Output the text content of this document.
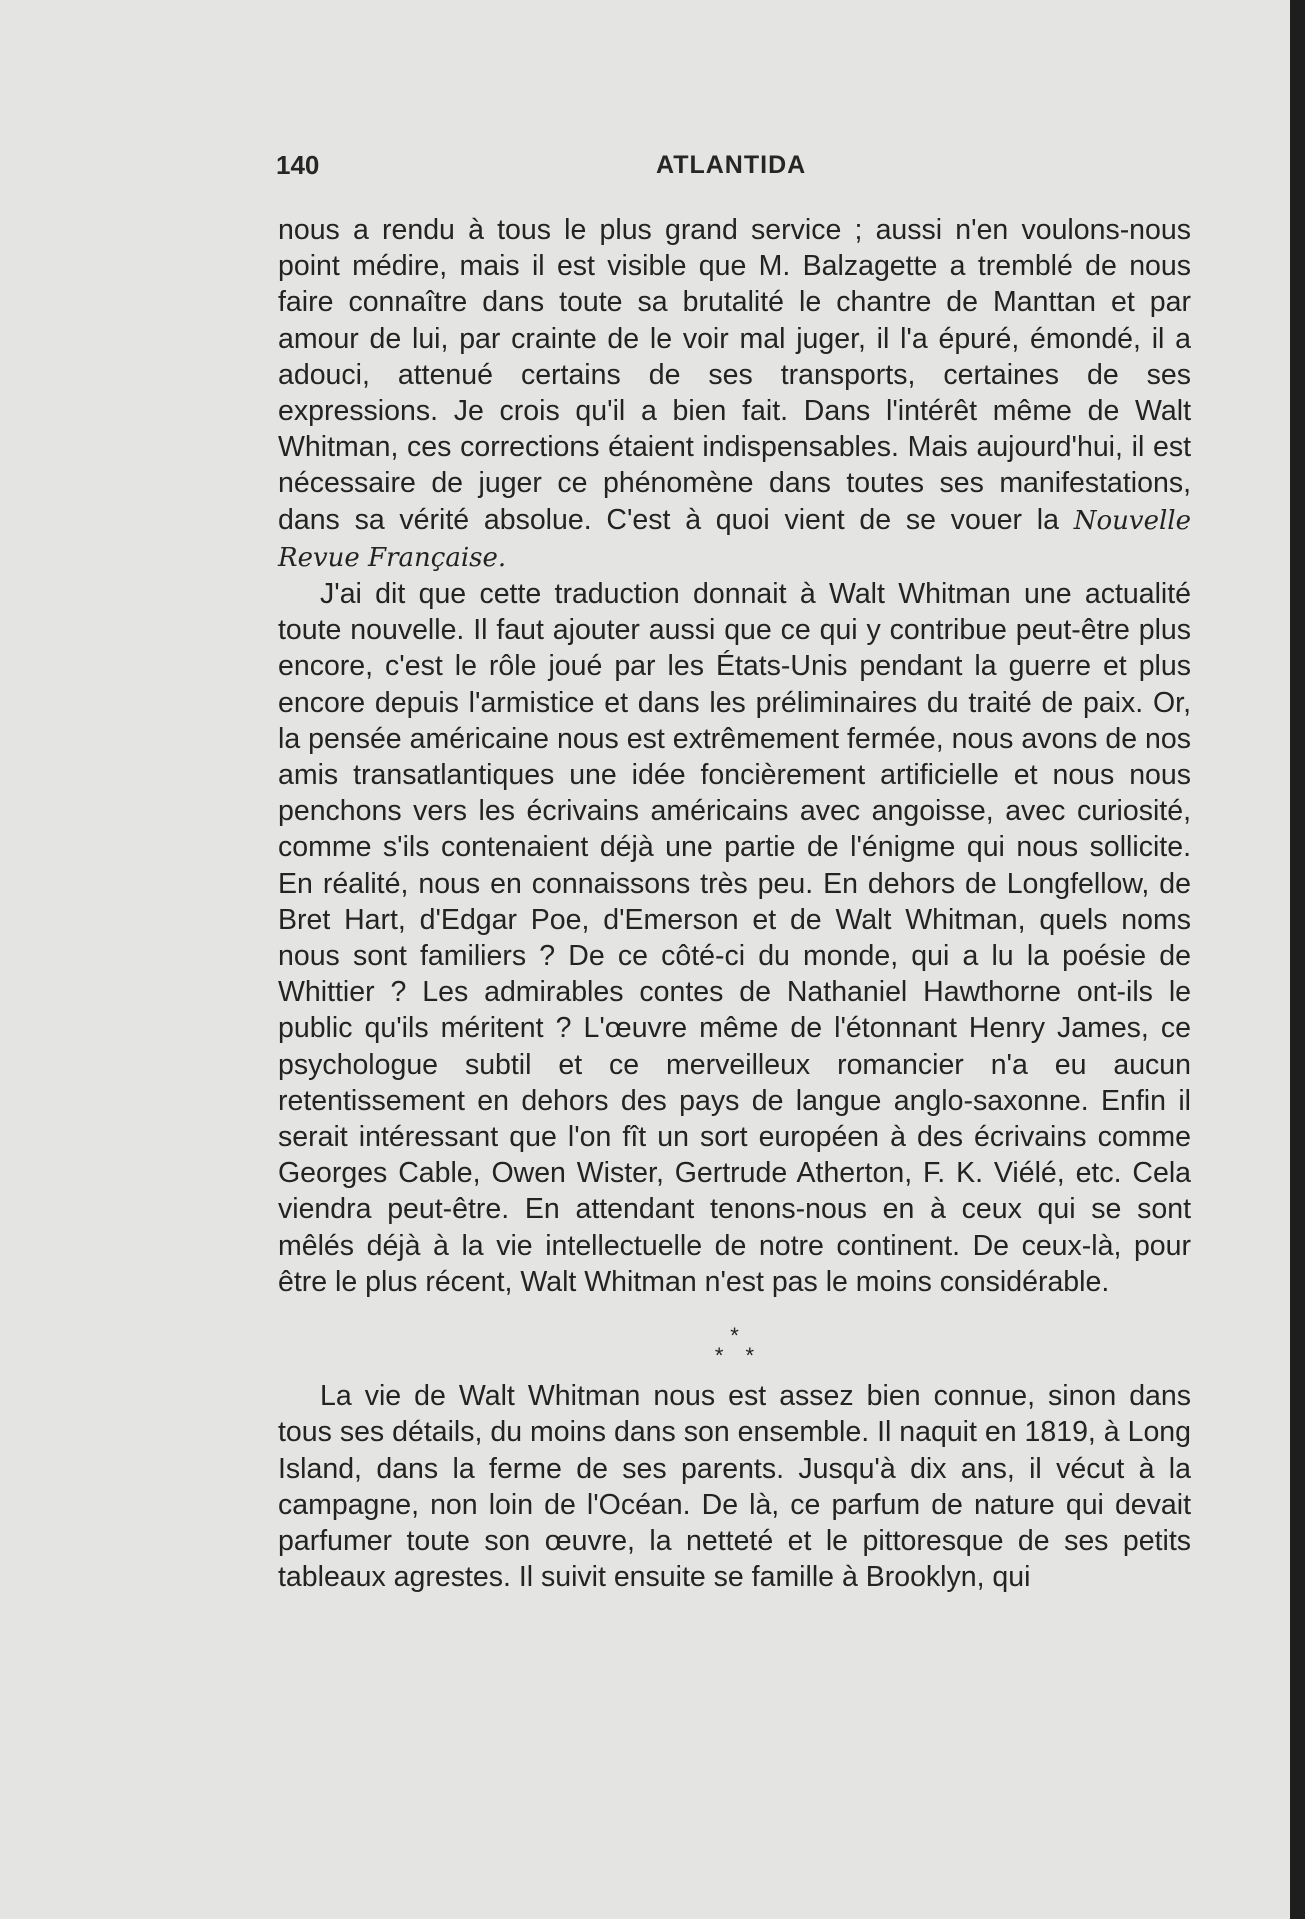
140	ATLANTIDA

nous a rendu à tous le plus grand service ; aussi n'en voulons-nous point médire, mais il est visible que M. Balzagette a tremblé de nous faire connaître dans toute sa brutalité le chantre de Manttan et par amour de lui, par crainte de le voir mal juger, il l'a épuré, émondé, il a adouci, attenué certains de ses transports, certaines de ses expressions. Je crois qu'il a bien fait. Dans l'intérêt même de Walt Whitman, ces corrections étaient indispensables. Mais aujourd'hui, il est nécessaire de juger ce phénomène dans toutes ses manifestations, dans sa vérité absolue. C'est à quoi vient de se vouer la Nouvelle Revue Française.

J'ai dit que cette traduction donnait à Walt Whitman une actualité toute nouvelle. Il faut ajouter aussi que ce qui y contribue peut-être plus encore, c'est le rôle joué par les États-Unis pendant la guerre et plus encore depuis l'armistice et dans les préliminaires du traité de paix. Or, la pensée américaine nous est extrêmement fermée, nous avons de nos amis transatlantiques une idée foncièrement artificielle et nous nous penchons vers les écrivains américains avec angoisse, avec curiosité, comme s'ils contenaient déjà une partie de l'énigme qui nous sollicite. En réalité, nous en connaissons très peu. En dehors de Longfellow, de Bret Hart, d'Edgar Poe, d'Emerson et de Walt Whitman, quels noms nous sont familiers ? De ce côté-ci du monde, qui a lu la poésie de Whittier ? Les admirables contes de Nathaniel Hawthorne ont-ils le public qu'ils méritent ? L'œuvre même de l'étonnant Henry James, ce psychologue subtil et ce merveilleux romancier n'a eu aucun retentissement en dehors des pays de langue anglo-saxonne. Enfin il serait intéressant que l'on fît un sort européen à des écrivains comme Georges Cable, Owen Wister, Gertrude Atherton, F. K. Viélé, etc. Cela viendra peut-être. En attendant tenons-nous en à ceux qui se sont mêlés déjà à la vie intellectuelle de notre continent. De ceux-là, pour être le plus récent, Walt Whitman n'est pas le moins considérable.

*
* *

La vie de Walt Whitman nous est assez bien connue, sinon dans tous ses détails, du moins dans son ensemble. Il naquit en 1819, à Long Island, dans la ferme de ses parents. Jusqu'à dix ans, il vécut à la campagne, non loin de l'Océan. De là, ce parfum de nature qui devait parfumer toute son œuvre, la netteté et le pittoresque de ses petits tableaux agrestes. Il suivit ensuite se famille à Brooklyn, qui
